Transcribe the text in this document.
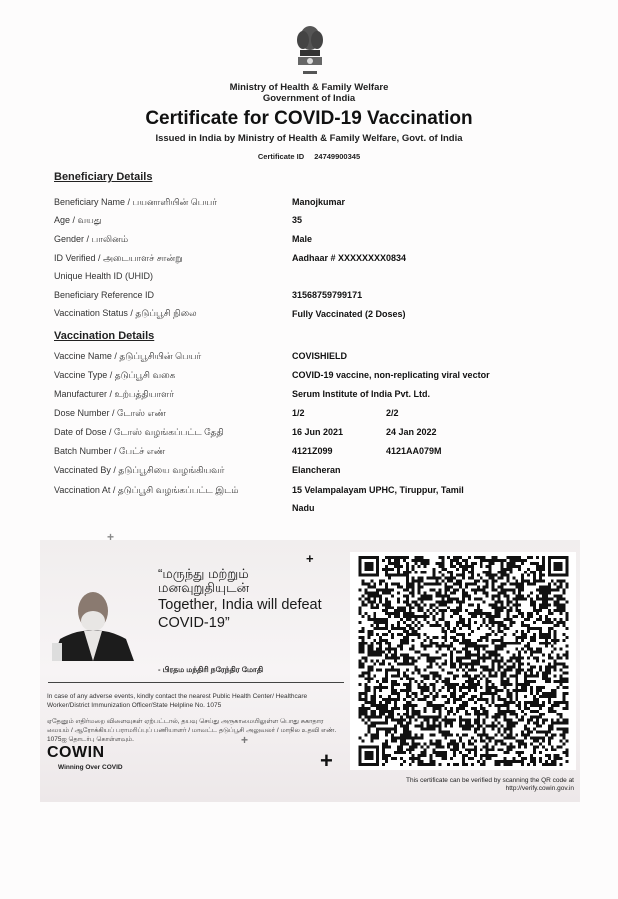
Ministry of Health & Family Welfare
Government of India
Certificate for COVID-19 Vaccination
Issued in India by Ministry of Health & Family Welfare, Govt. of India
Certificate ID 24749900345
Beneficiary Details
Beneficiary Name / பயனாளியின் பெயர்	Manojkumar
Age / வயது	35
Gender / பாலினம்	Male
ID Verified / அடையாளச் சான்று	Aadhaar # XXXXXXXX0834
Unique Health ID (UHID)
Beneficiary Reference ID	31568759799171
Vaccination Status / தடுப்பூசி நிலை	Fully Vaccinated (2 Doses)
Vaccination Details
Vaccine Name / தடுப்பூசியின் பெயர்	COVISHIELD
Vaccine Type / தடுப்பூசி வகை	COVID-19 vaccine, non-replicating viral vector
Manufacturer / உற்பத்தியாளர்	Serum Institute of India Pvt. Ltd.
Dose Number / டோஸ் எண்	1/2	2/2
Date of Dose / டோஸ் வழங்கப்பட்ட தேதி	16 Jun 2021	24 Jan 2022
Batch Number / பேட்ச் எண்	4121Z099	4121AA079M
Vaccinated By / தடுப்பூசியை வழங்கியவர்	Elancheran
Vaccination At / தடுப்பூசி வழங்கப்பட்ட இடம்	15 Velampalayam UPHC, Tiruppur, Tamil
Nadu
+
+
“மருந்து மற்றும்
மனவுறுதியுடன்
Together, India will defeat COVID-19”
- பிரதம மந்திரி நரேந்திர மோதி
In case of any adverse events, kindly contact the nearest Public Health Center/ Healthcare Worker/District Immunization Officer/State Helpline No. 1075
ஏதேனும் எதிர்மறை விளைவுகள் ஏற்பட்டால், தயவு செய்து அருகாமையிலுள்ள பொது சுகாதார மையம் / ஆரோக்கியப் பராமரிப்புப் பணியாளர் / மாவட்ட தடுப்பூசி அலுவலர் / மாநில உதவி எண். 1075ஐ தொடர்பு கொள்ளவும்.	+
COWIN
Winning Over COVID	+
This certificate can be verified by scanning the QR code at
http://verify.cowin.gov.in
